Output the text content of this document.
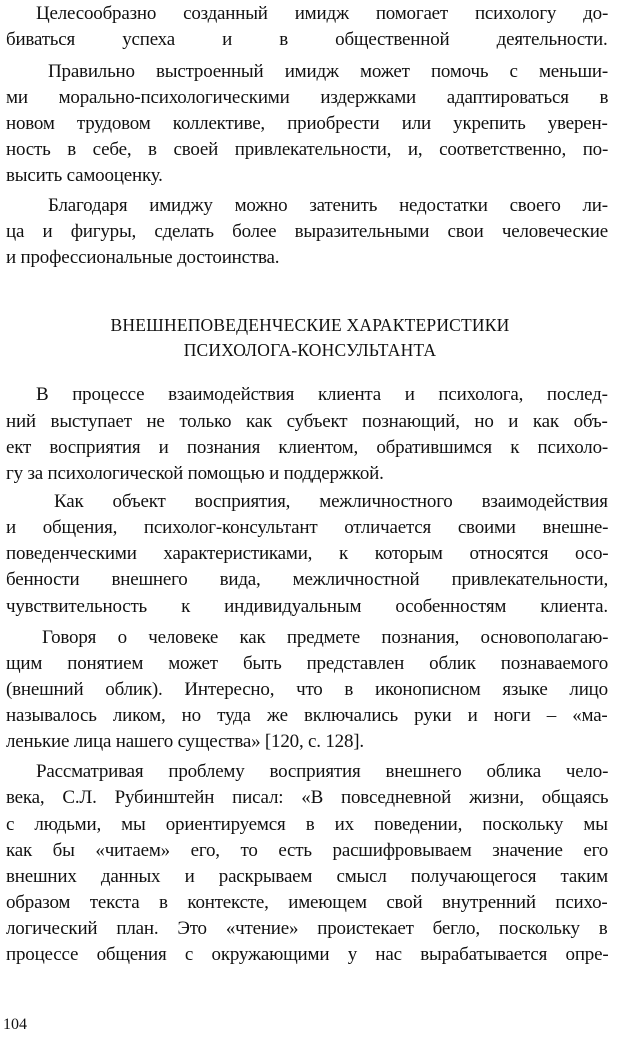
Целесообразно созданный имидж помогает психологу до-
биваться успеха и в общественной деятельности.
Правильно выстроенный имидж может помочь с меньши-
ми морально-психологическими издержками адаптироваться в
новом трудовом коллективе, приобрести или укрепить уверен-
ность в себе, в своей привлекательности, и, соответственно, по-
высить самооценку.
Благодаря имиджу можно затенить недостатки своего ли-
ца и фигуры, сделать более выразительными свои человеческие
и профессиональные достоинства.
ВНЕШНЕПОВЕДЕНЧЕСКИЕ ХАРАКТЕРИСТИКИ
ПСИХОЛОГА-КОНСУЛЬТАНТА
В процессе взаимодействия клиента и психолога, послед-
ний выступает не только как субъект познающий, но и как объ-
ект восприятия и познания клиентом, обратившимся к психоло-
гу за психологической помощью и поддержкой.
Как объект восприятия, межличностного взаимодействия
и общения, психолог-консультант отличается своими внешне-
поведенческими характеристиками, к которым относятся осо-
бенности внешнего вида, межличностной привлекательности,
чувствительность к индивидуальным особенностям клиента.
Говоря о человеке как предмете познания, основополагаю-
щим понятием может быть представлен облик познаваемого
(внешний облик). Интересно, что в иконописном языке лицо
называлось ликом, но туда же включались руки и ноги – «ма-
ленькие лица нашего существа» [120, с. 128].
Рассматривая проблему восприятия внешнего облика чело-
века, С.Л. Рубинштейн писал: «В повседневной жизни, общаясь
с людьми, мы ориентируемся в их поведении, поскольку мы
как бы «читаем» его, то есть расшифровываем значение его
внешних данных и раскрываем смысл получающегося таким
образом текста в контексте, имеющем свой внутренний психо-
логический план. Это «чтение» проистекает бегло, поскольку в
процессе общения с окружающими у нас вырабатывается опре-
104
